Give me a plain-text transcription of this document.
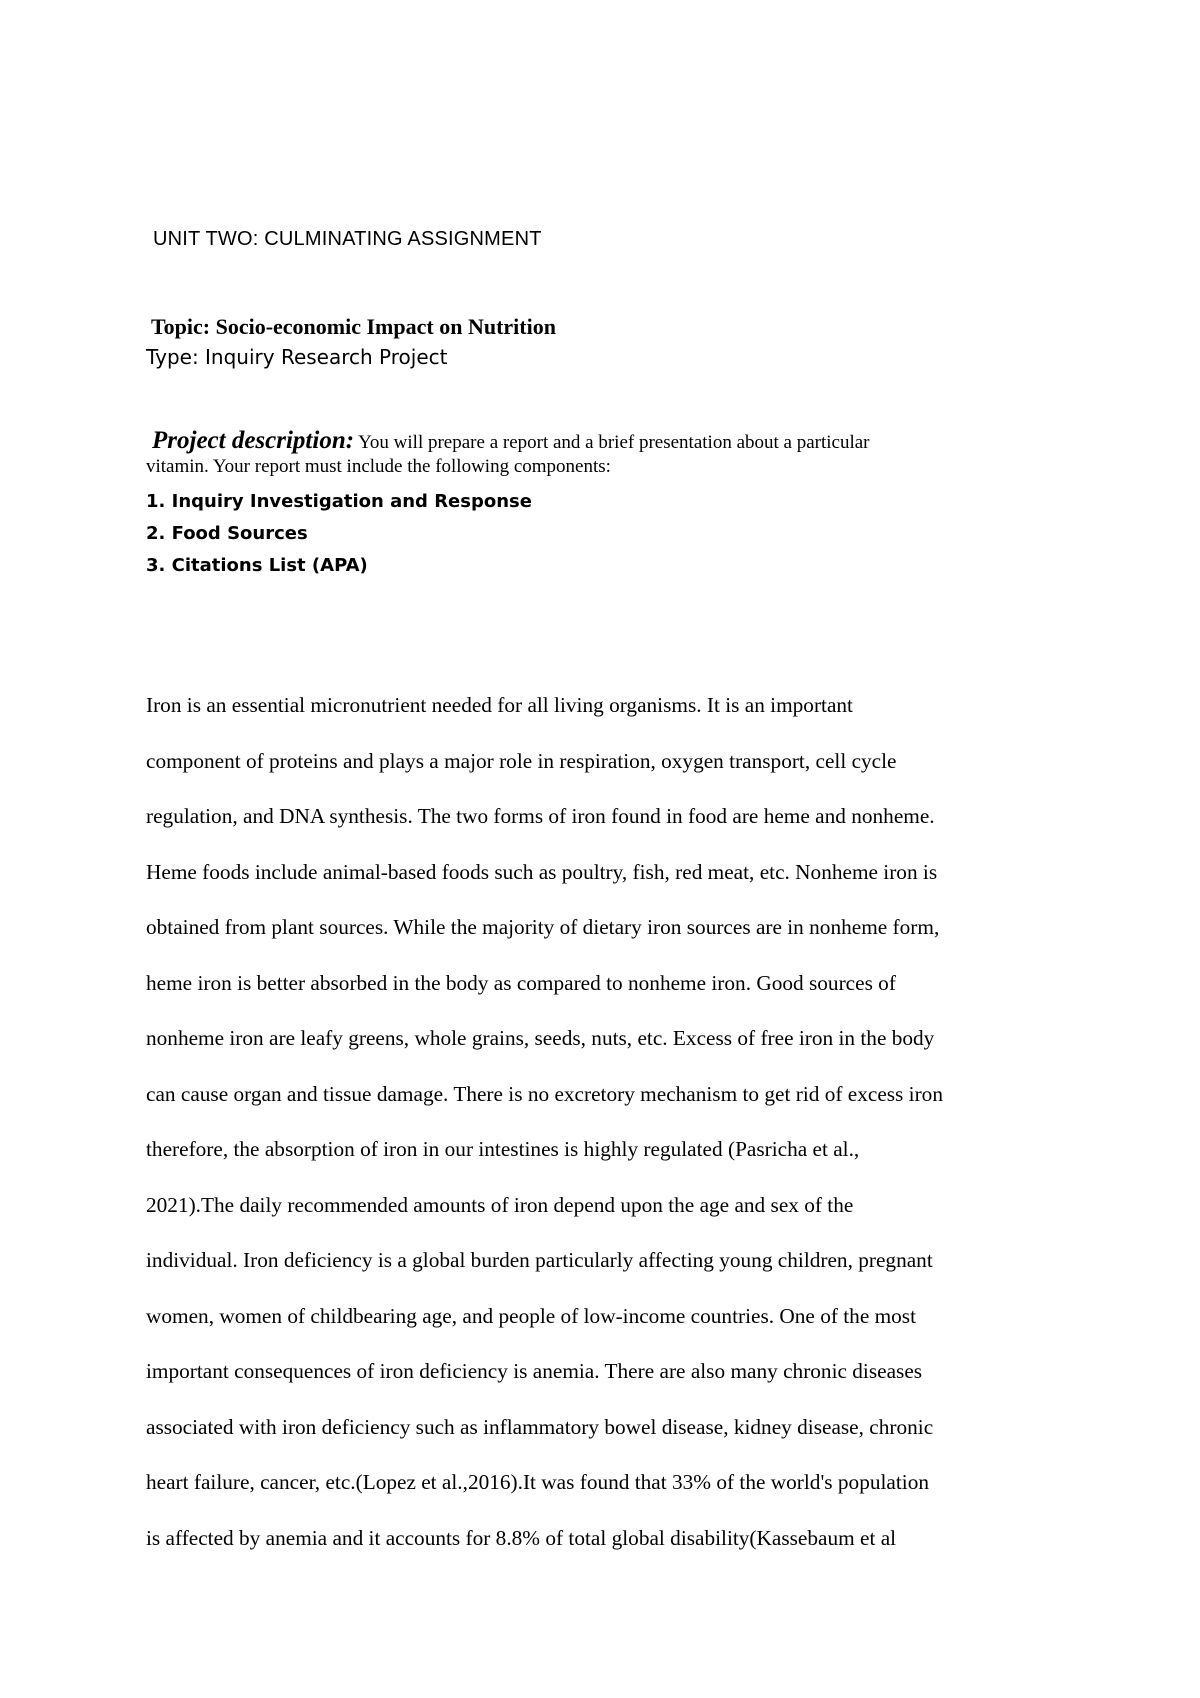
UNIT TWO: CULMINATING ASSIGNMENT
Topic: Socio-economic Impact on Nutrition
Type: Inquiry Research Project
Project description: You will prepare a report and a brief presentation about a particular
vitamin. Your report must include the following components:
1. Inquiry Investigation and Response
2. Food Sources
3. Citations List (APA)
Iron is an essential micronutrient needed for all living organisms. It is an important
component of proteins and plays a major role in respiration, oxygen transport, cell cycle
regulation, and DNA synthesis. The two forms of iron found in food are heme and nonheme.
Heme foods include animal-based foods such as poultry, fish, red meat, etc. Nonheme iron is
obtained from plant sources. While the majority of dietary iron sources are in nonheme form,
heme iron is better absorbed in the body as compared to nonheme iron. Good sources of
nonheme iron are leafy greens, whole grains, seeds, nuts, etc. Excess of free iron in the body
can cause organ and tissue damage. There is no excretory mechanism to get rid of excess iron
therefore, the absorption of iron in our intestines is highly regulated (Pasricha et al.,
2021).The daily recommended amounts of iron depend upon the age and sex of the
individual. Iron deficiency is a global burden particularly affecting young children, pregnant
women, women of childbearing age, and people of low-income countries. One of the most
important consequences of iron deficiency is anemia. There are also many chronic diseases
associated with iron deficiency such as inflammatory bowel disease, kidney disease, chronic
heart failure, cancer, etc.(Lopez et al.,2016).It was found that 33% of the world's population
is affected by anemia and it accounts for 8.8% of total global disability(Kassebaum et al
